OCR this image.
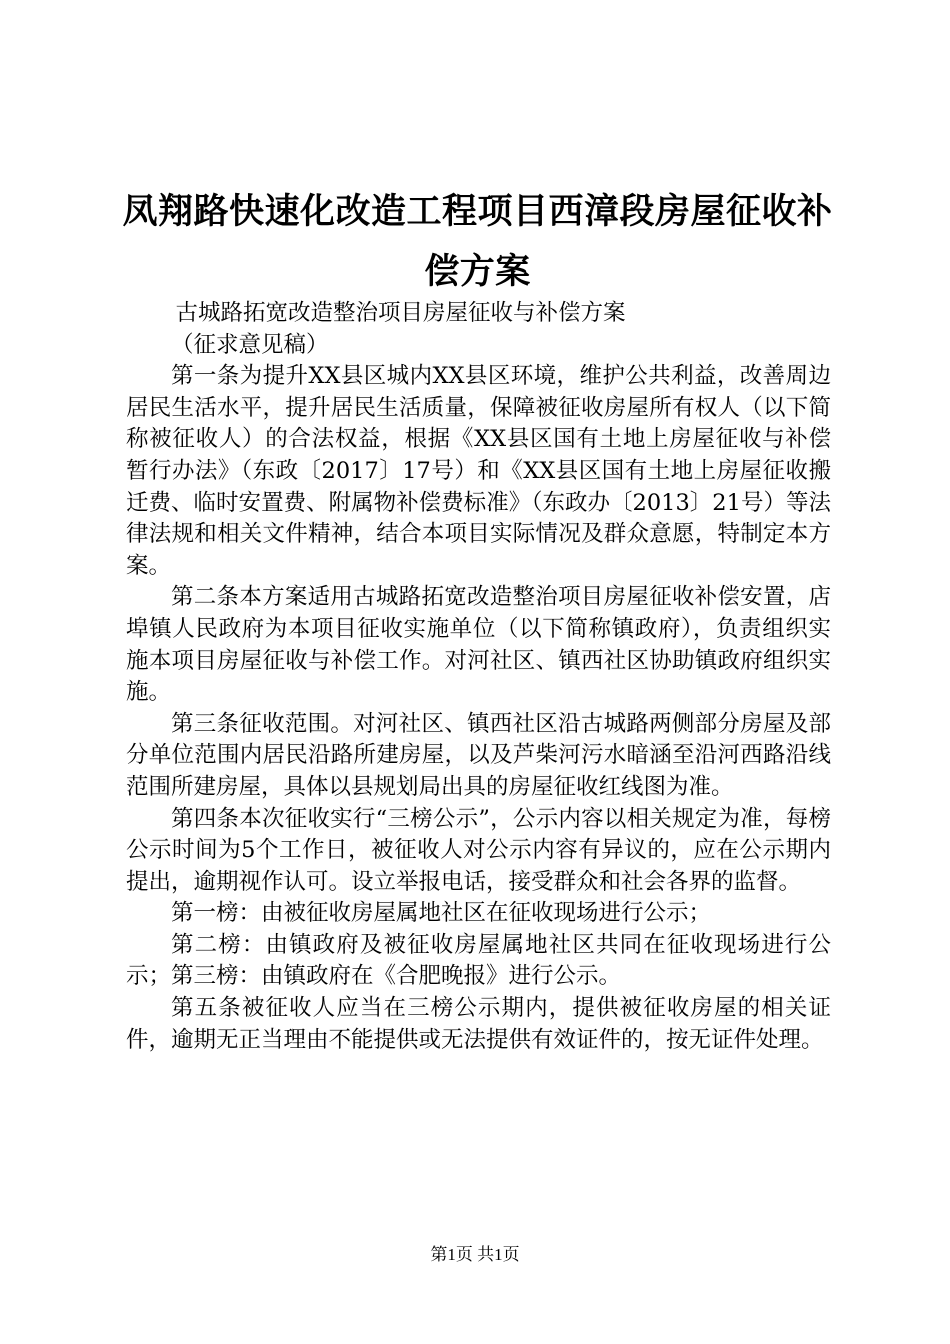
凤翔路快速化改造工程项目西漳段房屋征收补偿方案

古城路拓宽改造整治项目房屋征收与补偿方案

（征求意见稿）

第一条为提升XX县区城内XX县区环境，维护公共利益，改善周边居民生活水平，提升居民生活质量，保障被征收房屋所有权人（以下简称被征收人）的合法权益，根据《XX县区国有土地上房屋征收与补偿暂行办法》（东政〔2017〕17号）和《XX县区国有土地上房屋征收搬迁费、临时安置费、附属物补偿费标准》（东政办〔2013〕21号）等法律法规和相关文件精神，结合本项目实际情况及群众意愿，特制定本方案。

第二条本方案适用古城路拓宽改造整治项目房屋征收补偿安置，店埠镇人民政府为本项目征收实施单位（以下简称镇政府），负责组织实施本项目房屋征收与补偿工作。对河社区、镇西社区协助镇政府组织实施。

第三条征收范围。对河社区、镇西社区沿古城路两侧部分房屋及部分单位范围内居民沿路所建房屋，以及芦柴河污水暗涵至沿河西路沿线范围所建房屋，具体以县规划局出具的房屋征收红线图为准。

第四条本次征收实行“三榜公示”，公示内容以相关规定为准，每榜公示时间为5个工作日，被征收人对公示内容有异议的，应在公示期内提出，逾期视作认可。设立举报电话，接受群众和社会各界的监督。

第一榜：由被征收房屋属地社区在征收现场进行公示；

第二榜：由镇政府及被征收房屋属地社区共同在征收现场进行公示；第三榜：由镇政府在《合肥晚报》进行公示。

第五条被征收人应当在三榜公示期内，提供被征收房屋的相关证件，逾期无正当理由不能提供或无法提供有效证件的，按无证件处理。

第1页 共1页
